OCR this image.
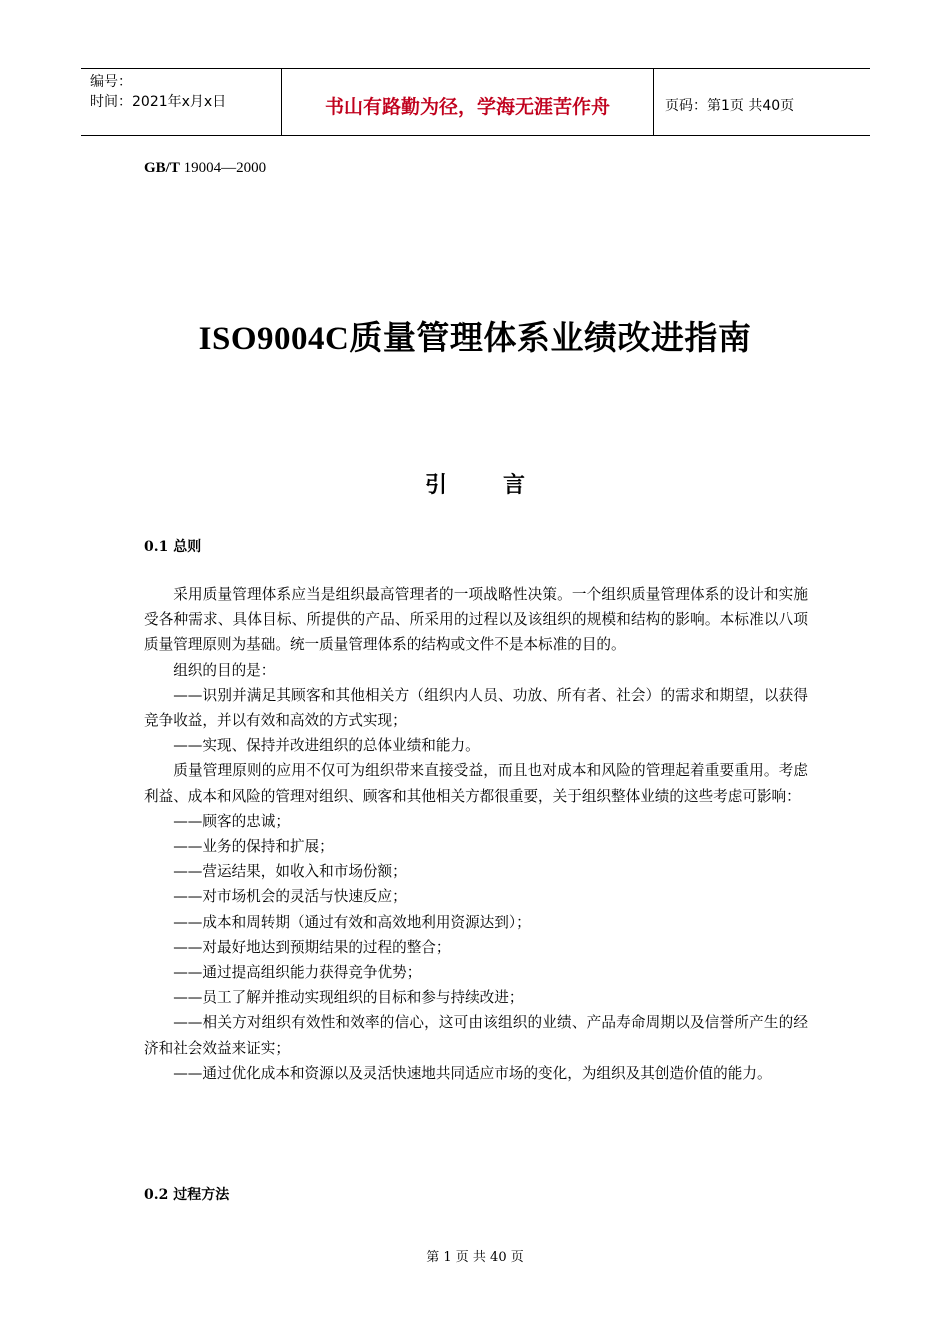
编号：
时间：2021年x月x日	书山有路勤为径，学海无涯苦作舟	页码：第1页 共40页
GB/T 19004—2000
ISO9004C质量管理体系业绩改进指南
引	言
0.1 总则

采用质量管理体系应当是组织最高管理者的一项战略性决策。一个组织质量管理体系的设计和实施受各种需求、具体目标、所提供的产品、所采用的过程以及该组织的规模和结构的影响。本标准以八项质量管理原则为基础。统一质量管理体系的结构或文件不是本标准的目的。

组织的目的是：

——识别并满足其顾客和其他相关方（组织内人员、功放、所有者、社会）的需求和期望，以获得竞争收益，并以有效和高效的方式实现；

——实现、保持并改进组织的总体业绩和能力。

质量管理原则的应用不仅可为组织带来直接受益，而且也对成本和风险的管理起着重要重用。考虑利益、成本和风险的管理对组织、顾客和其他相关方都很重要，关于组织整体业绩的这些考虑可影响：

——顾客的忠诚；

——业务的保持和扩展；

——营运结果，如收入和市场份额；

——对市场机会的灵活与快速反应；

——成本和周转期（通过有效和高效地利用资源达到）；

——对最好地达到预期结果的过程的整合；

——通过提高组织能力获得竞争优势；

——员工了解并推动实现组织的目标和参与持续改进；

——相关方对组织有效性和效率的信心，这可由该组织的业绩、产品寿命周期以及信誉所产生的经济和社会效益来证实；

——通过优化成本和资源以及灵活快速地共同适应市场的变化，为组织及其创造价值的能力。

0.2 过程方法
第 1 页 共 40 页
